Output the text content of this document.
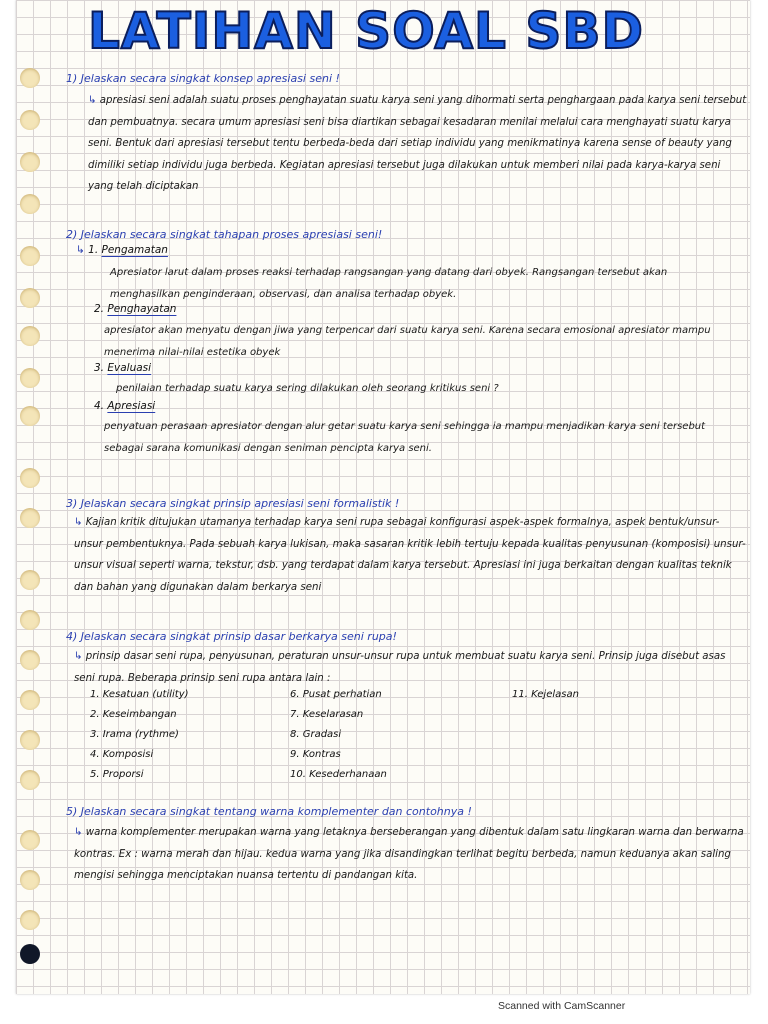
LATIHAN SOAL SBD
1) Jelaskan secara singkat konsep apresiasi seni !
↳ apresiasi seni adalah suatu proses penghayatan suatu karya seni yang dihormati serta penghargaan pada karya seni tersebut dan pembuatnya. secara umum apresiasi seni bisa diartikan sebagai kesadaran menilai melalui cara menghayati suatu karya seni. Bentuk dari apresiasi tersebut tentu berbeda-beda dari setiap individu yang menikmatinya karena sense of beauty yang dimiliki setiap individu juga berbeda. Kegiatan apresiasi tersebut juga dilakukan untuk memberi nilai pada karya-karya seni yang telah diciptakan
2) Jelaskan secara singkat tahapan proses apresiasi seni!
↳ 1. Pengamatan
Apresiator larut dalam proses reaksi terhadap rangsangan yang datang dari obyek. Rangsangan tersebut akan menghasilkan penginderaan, observasi, dan analisa terhadap obyek.
2. Penghayatan
apresiator akan menyatu dengan jiwa yang terpencar dari suatu karya seni. Karena secara emosional apresiator mampu menerima nilai-nilai estetika obyek
3. Evaluasi
penilaian terhadap suatu karya sering dilakukan oleh seorang kritikus seni ?
4. Apresiasi
penyatuan perasaan apresiator dengan alur getar suatu karya seni sehingga ia mampu menjadikan karya seni tersebut sebagai sarana komunikasi dengan seniman pencipta karya seni.
3) Jelaskan secara singkat prinsip apresiasi seni formalistik !
↳ Kajian kritik ditujukan utamanya terhadap karya seni rupa sebagai konfigurasi aspek-aspek formalnya, aspek bentuk/unsur-unsur pembentuknya. Pada sebuah karya lukisan, maka sasaran kritik lebih tertuju kepada kualitas penyusunan (komposisi) unsur-unsur visual seperti warna, tekstur, dsb. yang terdapat dalam karya tersebut. Apresiasi ini juga berkaitan dengan kualitas teknik dan bahan yang digunakan dalam berkarya seni
4) Jelaskan secara singkat prinsip dasar berkarya seni rupa!
↳ prinsip dasar seni rupa, penyusunan, peraturan unsur-unsur rupa untuk membuat suatu karya seni. Prinsip juga disebut asas seni rupa. Beberapa prinsip seni rupa antara lain :
1. Kesatuan (utility)
2. Keseimbangan
3. Irama (rythme)
4. Komposisi
5. Proporsi
6. Pusat perhatian
7. Keselarasan
8. Gradasi
9. Kontras
10. Kesederhanaan
11. Kejelasan
5) Jelaskan secara singkat tentang warna komplementer dan contohnya !
↳ warna komplementer merupakan warna yang letaknya berseberangan yang dibentuk dalam satu lingkaran warna dan berwarna kontras. Ex : warna merah dan hijau. kedua warna yang jika disandingkan terlihat begitu berbeda, namun keduanya akan saling mengisi sehingga menciptakan nuansa tertentu di pandangan kita.
Scanned with CamScanner
